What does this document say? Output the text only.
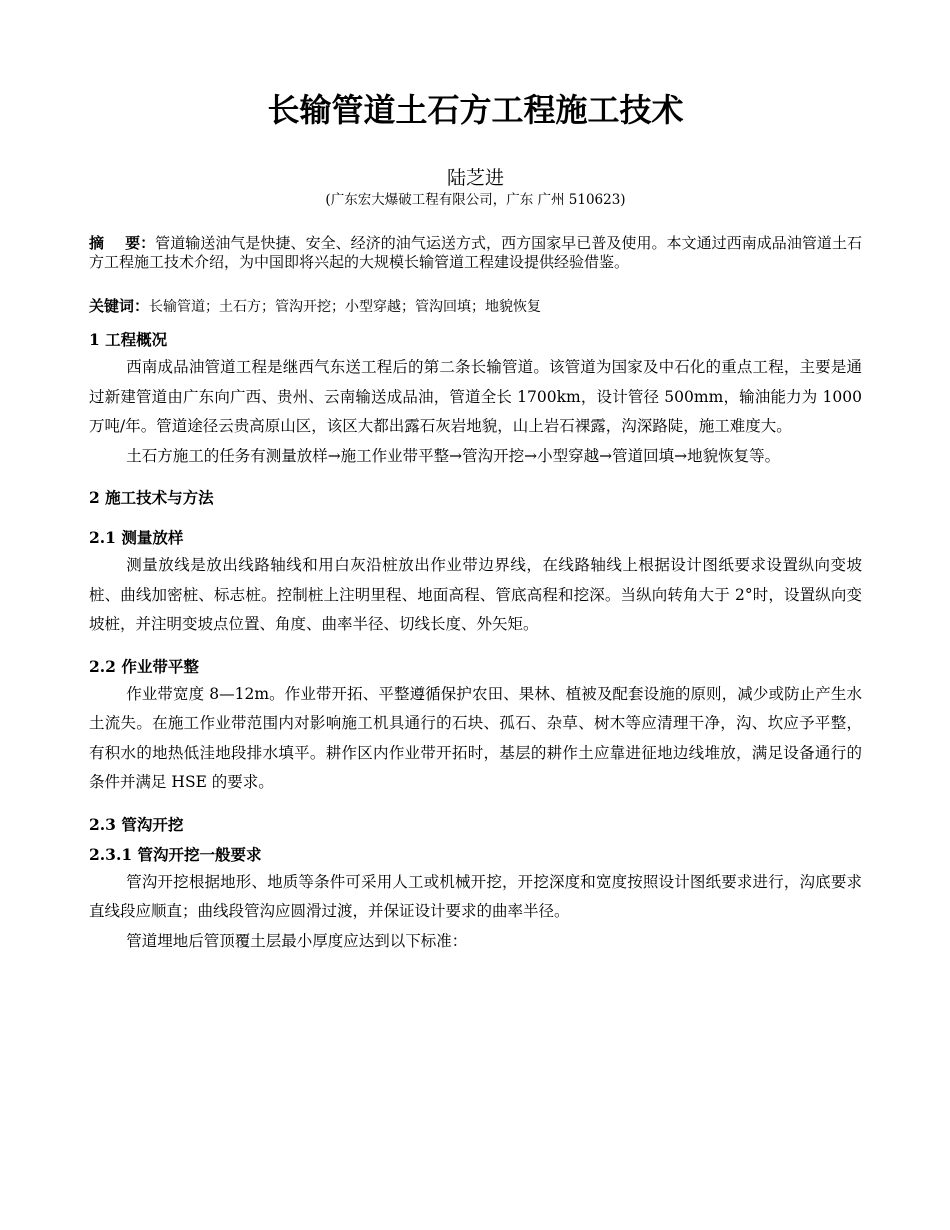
长输管道土石方工程施工技术
陆芝进
(广东宏大爆破工程有限公司，广东 广州 510623)
摘    要：管道输送油气是快捷、安全、经济的油气运送方式，西方国家早已普及使用。本文通过西南成品油管道土石方工程施工技术介绍，为中国即将兴起的大规模长输管道工程建设提供经验借鉴。
关键词：长输管道；土石方；管沟开挖；小型穿越；管沟回填；地貌恢复
1 工程概况

西南成品油管道工程是继西气东送工程后的第二条长输管道。该管道为国家及中石化的重点工程，主要是通过新建管道由广东向广西、贵州、云南输送成品油，管道全长 1700km，设计管径 500mm，输油能力为 1000 万吨/年。管道途径云贵高原山区，该区大都出露石灰岩地貌，山上岩石裸露，沟深路陡，施工难度大。

土石方施工的任务有测量放样→施工作业带平整→管沟开挖→小型穿越→管道回填→地貌恢复等。

2 施工技术与方法
2.1 测量放样

测量放线是放出线路轴线和用白灰沿桩放出作业带边界线，在线路轴线上根据设计图纸要求设置纵向变坡桩、曲线加密桩、标志桩。控制桩上注明里程、地面高程、管底高程和挖深。当纵向转角大于 2°时，设置纵向变坡桩，并注明变坡点位置、角度、曲率半径、切线长度、外矢矩。

2.2 作业带平整

作业带宽度 8—12m。作业带开拓、平整遵循保护农田、果林、植被及配套设施的原则，减少或防止产生水土流失。在施工作业带范围内对影响施工机具通行的石块、孤石、杂草、树木等应清理干净，沟、坎应予平整，有积水的地热低洼地段排水填平。耕作区内作业带开拓时，基层的耕作土应靠进征地边线堆放，满足设备通行的条件并满足 HSE 的要求。

2.3 管沟开挖
2.3.1 管沟开挖一般要求

管沟开挖根据地形、地质等条件可采用人工或机械开挖，开挖深度和宽度按照设计图纸要求进行，沟底要求直线段应顺直；曲线段管沟应圆滑过渡，并保证设计要求的曲率半径。

管道埋地后管顶覆土层最小厚度应达到以下标准：
